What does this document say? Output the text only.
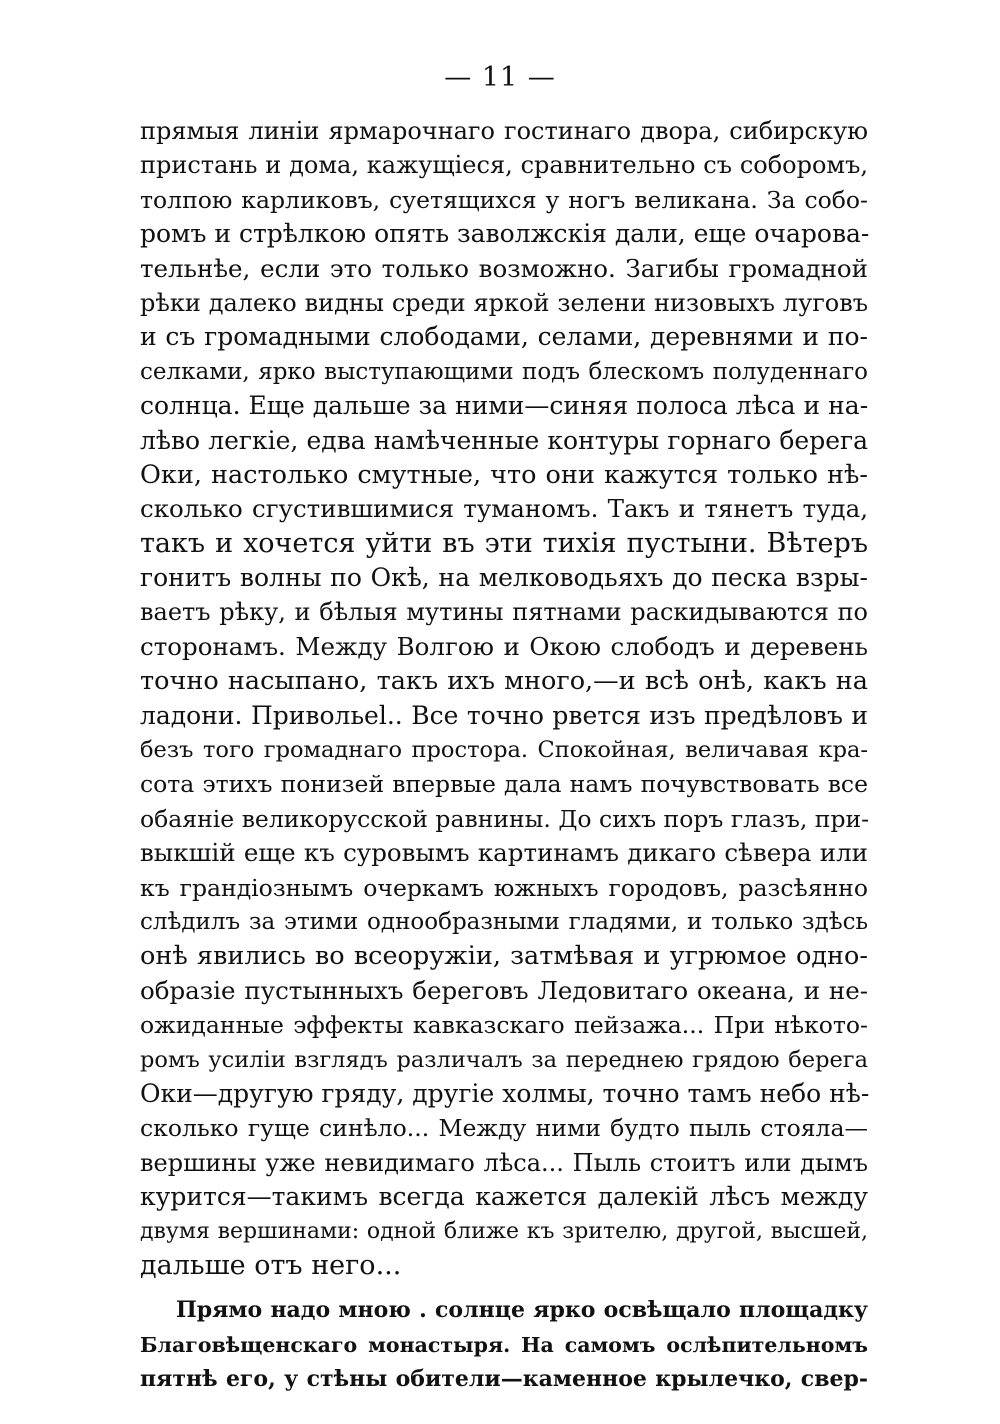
— 11 —
прямыя линіи ярмарочнаго гостинаго двора, сибирскую
пристань и дома, кажущіеся, сравнительно съ соборомъ,
толпою карликовъ, суетящихся у ногъ великана. За собо-
ромъ и стрѣлкою опять заволжскія дали, еще очарова-
тельнѣе, если это только возможно. Загибы громадной
рѣки далеко видны среди яркой зелени низовыхъ луговъ
и съ громадными слободами, селами, деревнями и по-
селками, ярко выступающими подъ блескомъ полуденнаго
солнца. Еще дальше за ними—синяя полоса лѣса и на-
лѣво легкіе, едва намѣченные контуры горнаго берега
Оки, настолько смутные, что они кажутся только нѣ-
сколько сгустившимися туманомъ. Такъ и тянетъ туда,
такъ и хочется уйти въ эти тихія пустыни. Вѣтеръ
гонитъ волны по Окѣ, на мелководьяхъ до песка взры-
ваетъ рѣку, и бѣлыя мутины пятнами раскидываются по
сторонамъ. Между Волгою и Окою слободъ и деревень
точно насыпано, такъ ихъ много,—и всѣ онѣ, какъ на
ладони. Привольеl.. Все точно рвется изъ предѣловъ и
безъ того громаднаго простора. Спокойная, величавая кра-
сота этихъ понизей впервые дала намъ почувствовать все
обаяніе великорусской равнины. До сихъ поръ глазъ, при-
выкшій еще къ суровымъ картинамъ дикаго сѣвера или
къ грандіознымъ очеркамъ южныхъ городовъ, разсѣянно
слѣдилъ за этими однообразными гладями, и только здѣсь
онѣ явились во всеоружіи, затмѣвая и угрюмое одно-
образіе пустынныхъ береговъ Ледовитаго океана, и не-
ожиданные эффекты кавказскаго пейзажа... При нѣкото-
ромъ усиліи взглядъ различалъ за переднею грядою берега
Оки—другую гряду, другіе холмы, точно тамъ небо нѣ-
сколько гуще синѣло... Между ними будто пыль стояла—
вершины уже невидимаго лѣса... Пыль стоитъ или дымъ
курится—такимъ всегда кажется далекій лѣсъ между
двумя вершинами: одной ближе къ зрителю, другой, высшей,
дальше отъ него...
Прямо надо мною . солнце ярко освѣщало площадку
Благовѣщенскаго монастыря. На самомъ ослѣпительномъ
пятнѣ его, у стѣны обители—каменное крылечко, свер-
